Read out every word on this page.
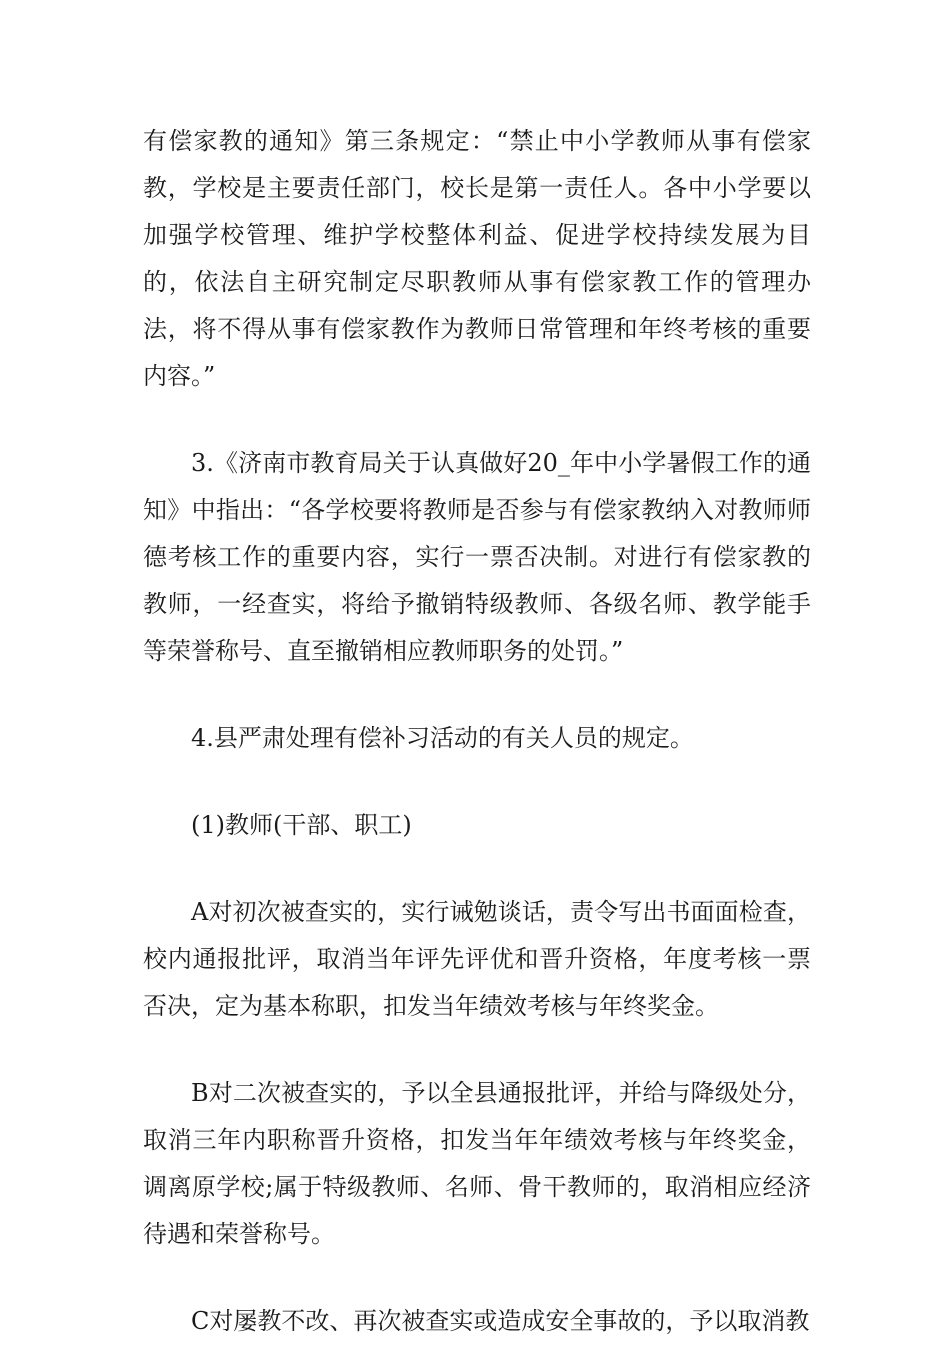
有偿家教的通知》第三条规定：“禁止中小学教师从事有偿家教，学校是主要责任部门，校长是第一责任人。各中小学要以加强学校管理、维护学校整体利益、促进学校持续发展为目的，依法自主研究制定尽职教师从事有偿家教工作的管理办法，将不得从事有偿家教作为教师日常管理和年终考核的重要内容。”

3.《济南市教育局关于认真做好20_年中小学暑假工作的通知》中指出：“各学校要将教师是否参与有偿家教纳入对教师师德考核工作的重要内容，实行一票否决制。对进行有偿家教的教师，一经查实，将给予撤销特级教师、各级名师、教学能手等荣誉称号、直至撤销相应教师职务的处罚。”

4.县严肃处理有偿补习活动的有关人员的规定。

(1)教师(干部、职工)

A对初次被查实的，实行诫勉谈话，责令写出书面面检查，校内通报批评，取消当年评先评优和晋升资格，年度考核一票否决，定为基本称职，扣发当年绩效考核与年终奖金。

B对二次被查实的，予以全县通报批评，并给与降级处分，取消三年内职称晋升资格，扣发当年年绩效考核与年终奖金，调离原学校;属于特级教师、名师、骨干教师的，取消相应经济待遇和荣誉称号。

C对屡教不改、再次被查实或造成安全事故的，予以取消教
